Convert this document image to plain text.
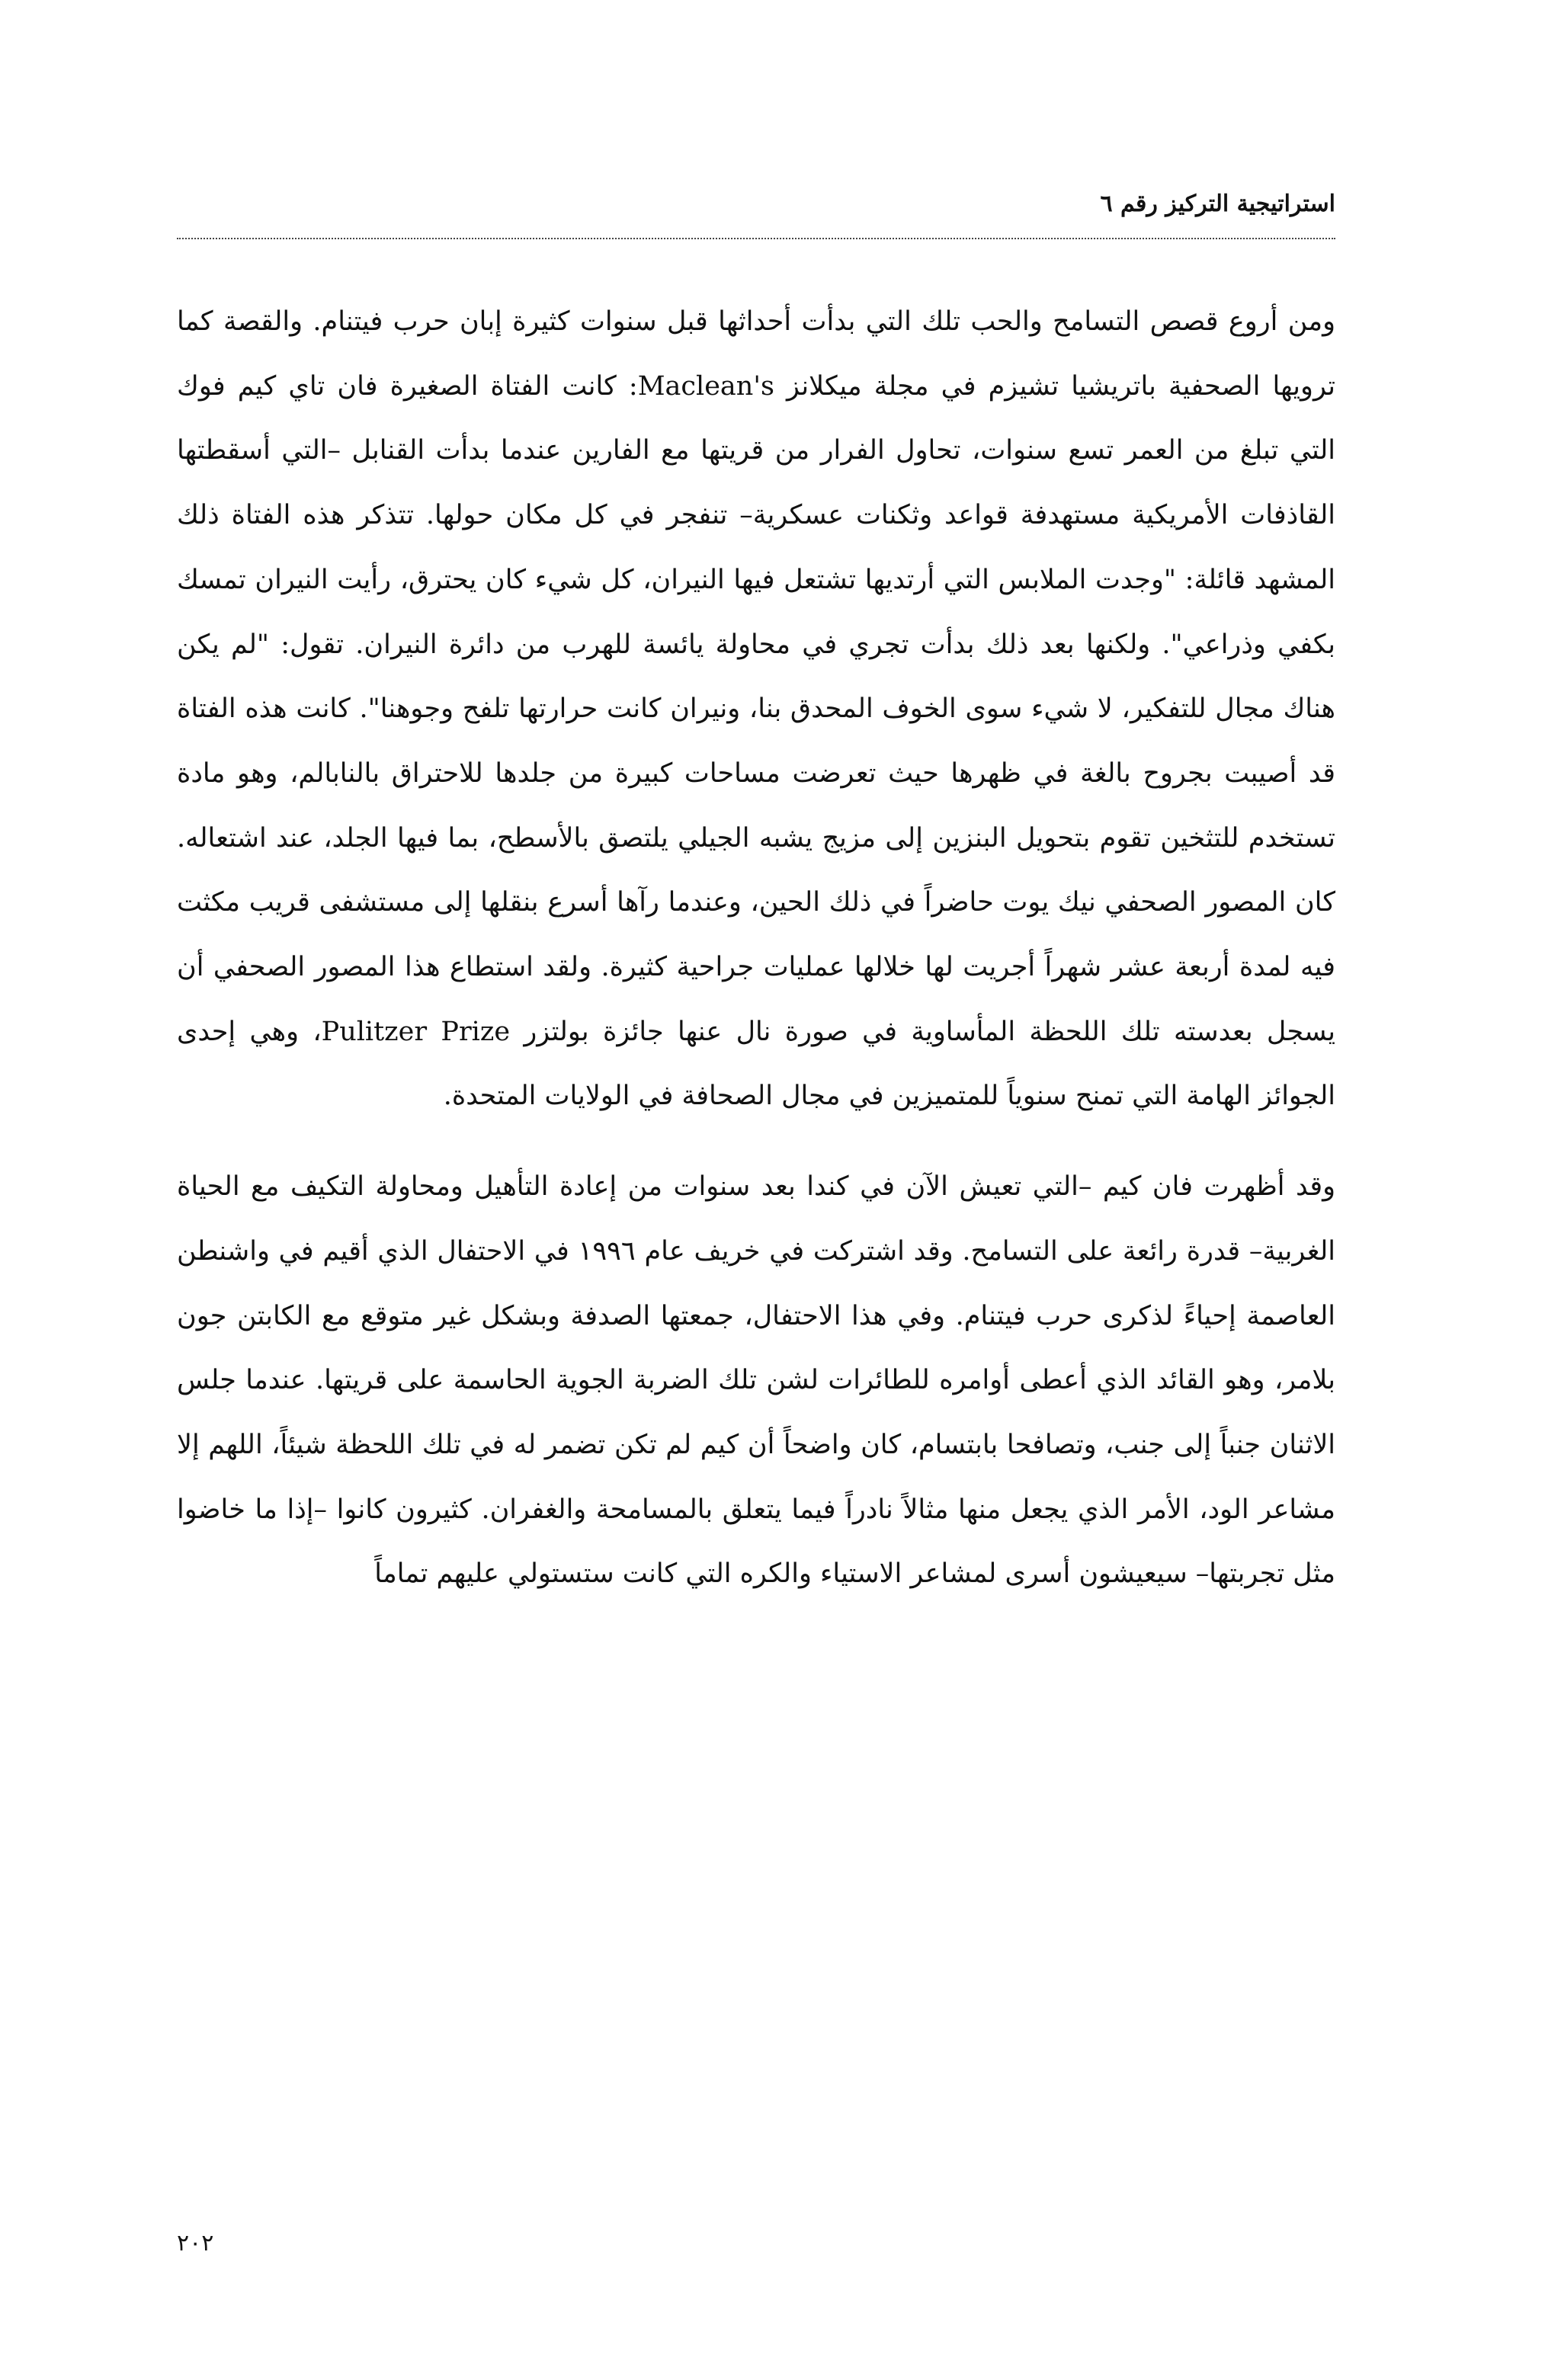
استراتيجية التركيز رقم ٦

ومن أروع قصص التسامح والحب تلك التي بدأت أحداثها قبل سنوات كثيرة إبان حرب فيتنام. والقصة كما ترويها الصحفية باتريشيا تشيزم في مجلة ميكلانز Maclean's: كانت الفتاة الصغيرة فان تاي كيم فوك التي تبلغ من العمر تسع سنوات، تحاول الفرار من قريتها مع الفارين عندما بدأت القنابل –التي أسقطتها القاذفات الأمريكية مستهدفة قواعد وثكنات عسكرية– تنفجر في كل مكان حولها. تتذكر هذه الفتاة ذلك المشهد قائلة: "وجدت الملابس التي أرتديها تشتعل فيها النيران، كل شيء كان يحترق، رأيت النيران تمسك بكفي وذراعي". ولكنها بعد ذلك بدأت تجري في محاولة يائسة للهرب من دائرة النيران. تقول: "لم يكن هناك مجال للتفكير، لا شيء سوى الخوف المحدق بنا، ونيران كانت حرارتها تلفح وجوهنا". كانت هذه الفتاة قد أصيبت بجروح بالغة في ظهرها حيث تعرضت مساحات كبيرة من جلدها للاحتراق بالنابالم، وهو مادة تستخدم للتثخين تقوم بتحويل البنزين إلى مزيج يشبه الجيلي يلتصق بالأسطح، بما فيها الجلد، عند اشتعاله. كان المصور الصحفي نيك يوت حاضراً في ذلك الحين، وعندما رآها أسرع بنقلها إلى مستشفى قريب مكثت فيه لمدة أربعة عشر شهراً أجريت لها خلالها عمليات جراحية كثيرة. ولقد استطاع هذا المصور الصحفي أن يسجل بعدسته تلك اللحظة المأساوية في صورة نال عنها جائزة بولتزر Pulitzer Prize، وهي إحدى الجوائز الهامة التي تمنح سنوياً للمتميزين في مجال الصحافة في الولايات المتحدة.

وقد أظهرت فان كيم –التي تعيش الآن في كندا بعد سنوات من إعادة التأهيل ومحاولة التكيف مع الحياة الغربية– قدرة رائعة على التسامح. وقد اشتركت في خريف عام ١٩٩٦ في الاحتفال الذي أقيم في واشنطن العاصمة إحياءً لذكرى حرب فيتنام. وفي هذا الاحتفال، جمعتها الصدفة وبشكل غير متوقع مع الكابتن جون بلامر، وهو القائد الذي أعطى أوامره للطائرات لشن تلك الضربة الجوية الحاسمة على قريتها. عندما جلس الاثنان جنباً إلى جنب، وتصافحا بابتسام، كان واضحاً أن كيم لم تكن تضمر له في تلك اللحظة شيئاً، اللهم إلا مشاعر الود، الأمر الذي يجعل منها مثالاً نادراً فيما يتعلق بالمسامحة والغفران. كثيرون كانوا –إذا ما خاضوا مثل تجربتها– سيعيشون أسرى لمشاعر الاستياء والكره التي كانت ستستولي عليهم تماماً

٢٠٢
